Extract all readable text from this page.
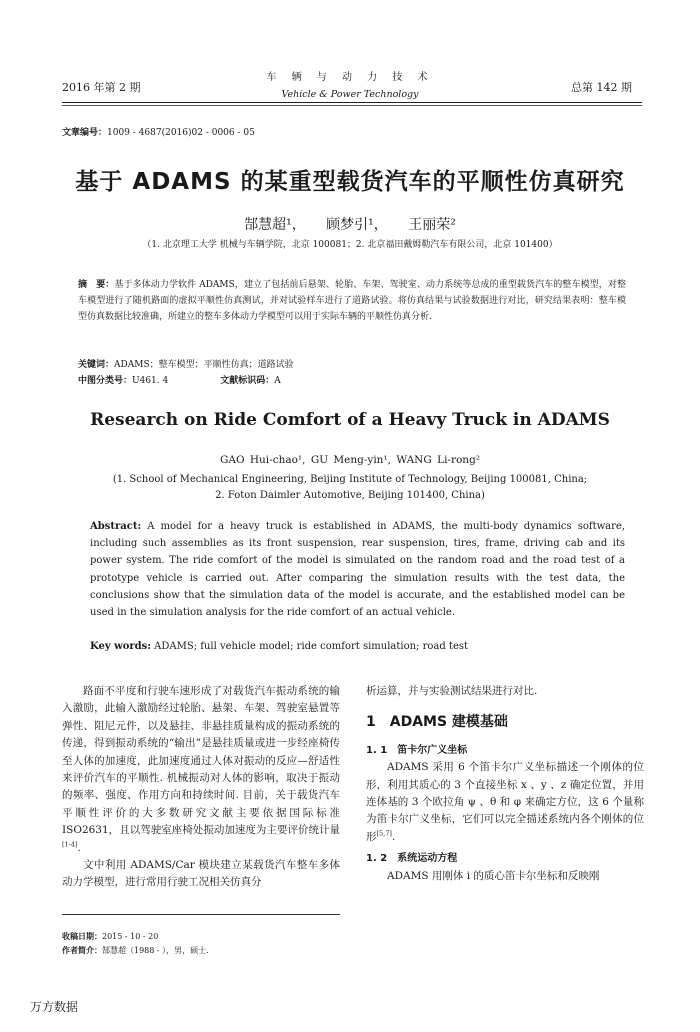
2016 年第 2 期
车 辆 与 动 力 技 术
Vehicle & Power Technology
总第 142 期
文章编号：1009 - 4687(2016)02 - 0006 - 05
基于 ADAMS 的某重型载货汽车的平顺性仿真研究
郜慧超¹， 顾梦引¹， 王丽荣²
（1. 北京理工大学 机械与车辆学院，北京 100081；2. 北京福田戴姆勒汽车有限公司，北京 101400）
摘　要：基于多体动力学软件 ADAMS，建立了包括前后悬架、轮胎、车架、驾驶室、动力系统等总成的重型载货汽车的整车模型，对整车模型进行了随机路面的虚拟平顺性仿真测试，并对试验样车进行了道路试验。将仿真结果与试验数据进行对比，研究结果表明：整车模型仿真数据比较准确，所建立的整车多体动力学模型可以用于实际车辆的平顺性仿真分析.
关键词：ADAMS；整车模型；平顺性仿真；道路试验
中图分类号：U461. 4	文献标识码：A
Research on Ride Comfort of a Heavy Truck in ADAMS
GAO Hui-chao¹, GU Meng-yin¹, WANG Li-rong²
(1. School of Mechanical Engineering, Beijing Institute of Technology, Beijing 100081, China;
2. Foton Daimler Automotive, Beijing 101400, China)
Abstract: A model for a heavy truck is established in ADAMS, the multi-body dynamics software, including such assemblies as its front suspension, rear suspension, tires, frame, driving cab and its power system. The ride comfort of the model is simulated on the random road and the road test of a prototype vehicle is carried out. After comparing the simulation results with the test data, the conclusions show that the simulation data of the model is accurate, and the established model can be used in the simulation analysis for the ride comfort of an actual vehicle.
Key words: ADAMS; full vehicle model; ride comfort simulation; road test

路面不平度和行驶车速形成了对载货汽车振动系统的输入激励，此输入激励经过轮胎、悬架、车架、驾驶室悬置等弹性、阻尼元件，以及悬挂、非悬挂质量构成的振动系统的传递，得到振动系统的“输出”是悬挂质量或进一步经座椅传至人体的加速度，此加速度通过人体对振动的反应—舒适性来评价汽车的平顺性. 机械振动对人体的影响，取决于振动的频率、强度、作用方向和持续时间. 目前，关于载货汽车平顺性评价的大多数研究文献主要依据国际标准 ISO2631，且以驾驶室座椅处振动加速度为主要评价统计量[1-4].

文中利用 ADAMS/Car 模块建立某载货汽车整车多体动力学模型，进行常用行驶工况相关仿真分

析运算，并与实验测试结果进行对比.

1　ADAMS 建模基础
1. 1　笛卡尔广义坐标

ADAMS 采用 6 个笛卡尔广义坐标描述一个刚体的位形，利用其质心的 3 个直接坐标 x 、y 、z 确定位置，并用连体基的 3 个欧拉角 ψ 、θ 和 φ 来确定方位，这 6 个量称为笛卡尔广义坐标，它们可以完全描述系统内各个刚体的位形[5,7].

1. 2　系统运动方程

ADAMS 用刚体 i 的质心笛卡尔坐标和反映刚

收稿日期：2015 - 10 - 20
作者简介：郜慧超（1988 - ），男，硕士.
万方数据
